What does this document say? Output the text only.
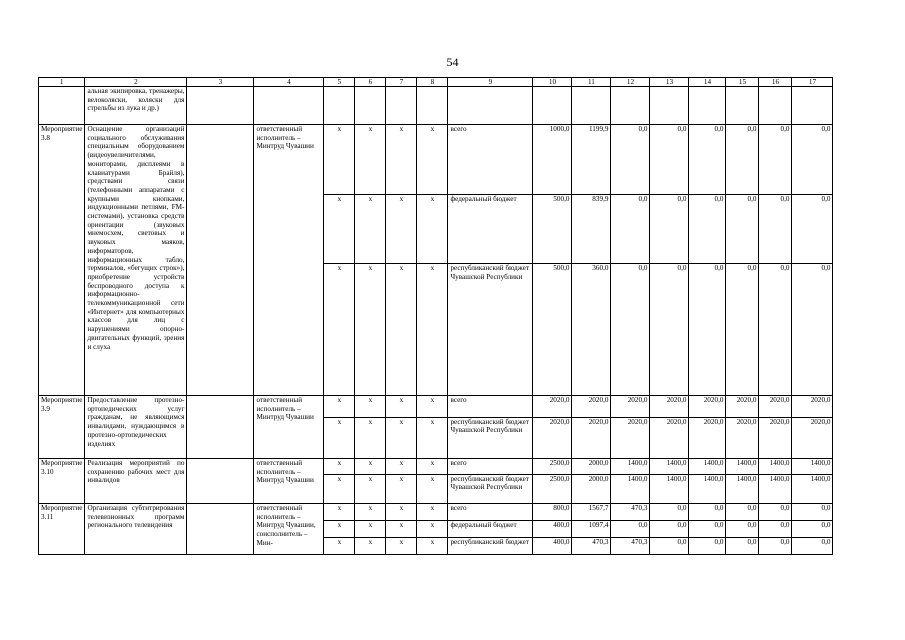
54
1	2	3	4	5	6	7	8	9	10	11	12	13	14	15	16	17
	альная экипировка, тренажеры, велоколяски, коляски для стрельбы из лука и др.)															
Мероприятие 3.8	Оснащение организаций социального обслуживания специальным оборудованием (видеоувеличителями, мониторами, дисплеями в клавиатурами Брайля), средствами связи (телефонными аппаратами с крупными кнопками, индукционными петлями, FM-системами), установка средств ориентации (звуковых мнемосхем, световых и звуковых маяков, информаторов, информационных табло, терминалов, «бегущих строк»), приобретение устройств беспроводного доступа к информационно-телекоммуникационной сети «Интернет» для компьютерных классов для лиц с нарушениями опорно-двигательных функций, зрения и слуха		ответственный исполнитель – Минтруд Чувашии	x	x	x	x	всего	1000,0	1199,9	0,0	0,0	0,0	0,0	0,0	0,0
				x	x	x	x	федеральный бюджет	500,0	839,9	0,0	0,0	0,0	0,0	0,0	0,0
				x	x	x	x	республиканский бюджет Чувашской Республики	500,0	360,0	0,0	0,0	0,0	0,0	0,0	0,0
Мероприятие 3.9	Предоставление протезно-ортопедических услуг гражданам, не являющимся инвалидами, нуждающимся в протезно-ортопедических изделиях		ответственный исполнитель – Минтруд Чувашии	x	x	x	x	всего	2020,0	2020,0	2020,0	2020,0	2020,0	2020,0	2020,0	2020,0
				x	x	x	x	республиканский бюджет Чувашской Республики	2020,0	2020,0	2020,0	2020,0	2020,0	2020,0	2020,0	2020,0
Мероприятие 3.10	Реализация мероприятий по сохранению рабочих мест для инвалидов		ответственный исполнитель – Минтруд Чувашии	x	x	x	x	всего	2500,0	2000,0	1400,0	1400,0	1400,0	1400,0	1400,0	1400,0
				x	x	x	x	республиканский бюджет Чувашской Республики	2500,0	2000,0	1400,0	1400,0	1400,0	1400,0	1400,0	1400,0
Мероприятие 3.11	Организация субтитрирования телевизионных программ регионального телевидения		ответственный исполнитель – Минтруд Чувашии, соисполнитель – Мин-	x	x	x	x	всего	800,0	1567,7	470,3	0,0	0,0	0,0	0,0	0,0
				x	x	x	x	федеральный бюджет	400,0	1097,4	0,0	0,0	0,0	0,0	0,0	0,0
				x	x	x	x	республиканский бюджет	400,0	470,3	470,3	0,0	0,0	0,0	0,0	0,0
